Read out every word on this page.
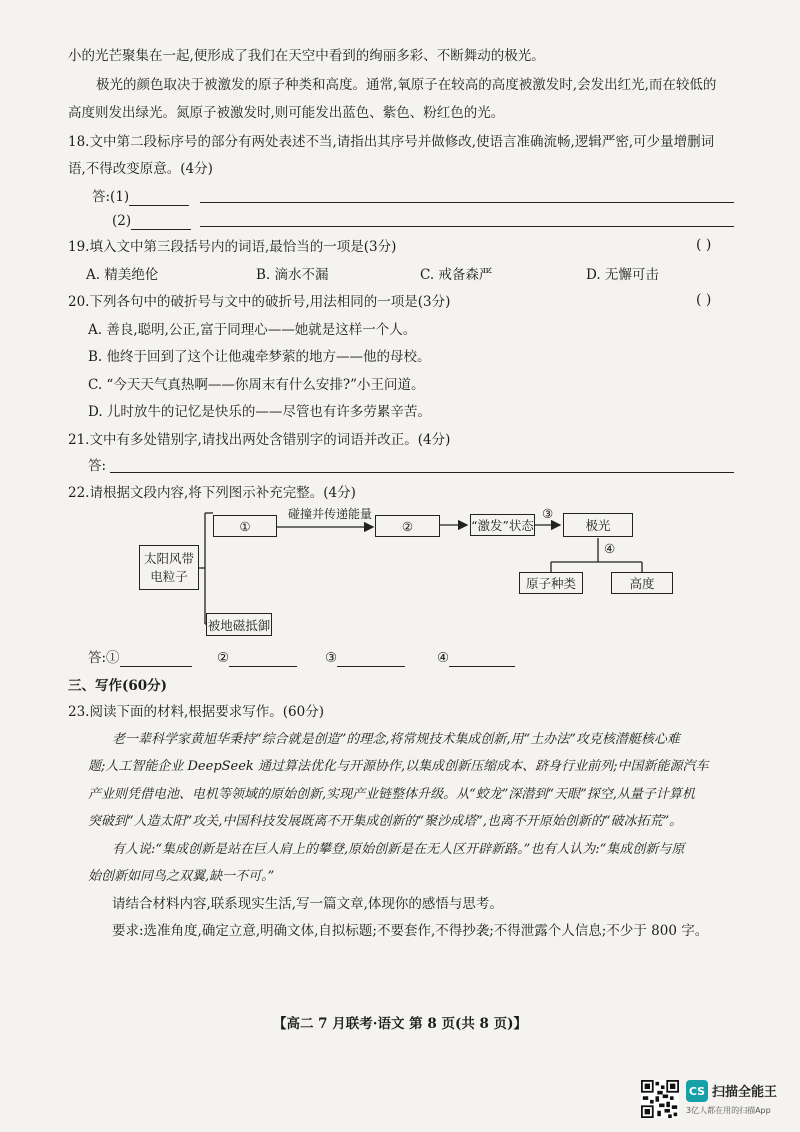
小的光芒聚集在一起,便形成了我们在天空中看到的绚丽多彩、不断舞动的极光。
极光的颜色取决于被激发的原子种类和高度。通常,氧原子在较高的高度被激发时,会发出红光,而在较低的
高度则发出绿光。氮原子被激发时,则可能发出蓝色、紫色、粉红色的光。
18.文中第二段标序号的部分有两处表述不当,请指出其序号并做修改,使语言准确流畅,逻辑严密,可少量增删词
语,不得改变原意。(4分)
答:(1)
(2)
19.填入文中第三段括号内的词语,最恰当的一项是(3分)	( )
A. 精美绝伦	B. 滴水不漏	C. 戒备森严	D. 无懈可击
20.下列各句中的破折号与文中的破折号,用法相同的一项是(3分)	( )
A. 善良,聪明,公正,富于同理心——她就是这样一个人。
B. 他终于回到了这个让他魂牵梦萦的地方——他的母校。
C. “今天天气真热啊——你周末有什么安排?”小王问道。
D. 儿时放牛的记忆是快乐的——尽管也有许多劳累辛苦。
21.文中有多处错别字,请找出两处含错别字的词语并改正。(4分)
答:
22.请根据文段内容,将下列图示补充完整。(4分)
太阳风带
电粒子
①
碰撞并传递能量
②	“激发”状态
③
极光
④
原子种类	高度
被地磁抵御
答:①	②	③	④
三、写作(60分)
23.阅读下面的材料,根据要求写作。(60分)
老一辈科学家黄旭华秉持“综合就是创造”的理念,将常规技术集成创新,用“土办法”攻克核潜艇核心难
题;人工智能企业 DeepSeek 通过算法优化与开源协作,以集成创新压缩成本、跻身行业前列;中国新能源汽车
产业则凭借电池、电机等领域的原始创新,实现产业链整体升级。从“蛟龙”深潜到“天眼”探空,从量子计算机
突破到“人造太阳”攻关,中国科技发展既离不开集成创新的“聚沙成塔”,也离不开原始创新的“破冰拓荒”。
有人说:“集成创新是站在巨人肩上的攀登,原始创新是在无人区开辟新路。”也有人认为:“集成创新与原
始创新如同鸟之双翼,缺一不可。”
请结合材料内容,联系现实生活,写一篇文章,体现你的感悟与思考。
要求:选准角度,确定立意,明确文体,自拟标题;不要套作,不得抄袭;不得泄露个人信息;不少于 800 字。
【高二 7 月联考·语文 第 8 页(共 8 页)】
CS 扫描全能王
3亿人都在用的扫描App
